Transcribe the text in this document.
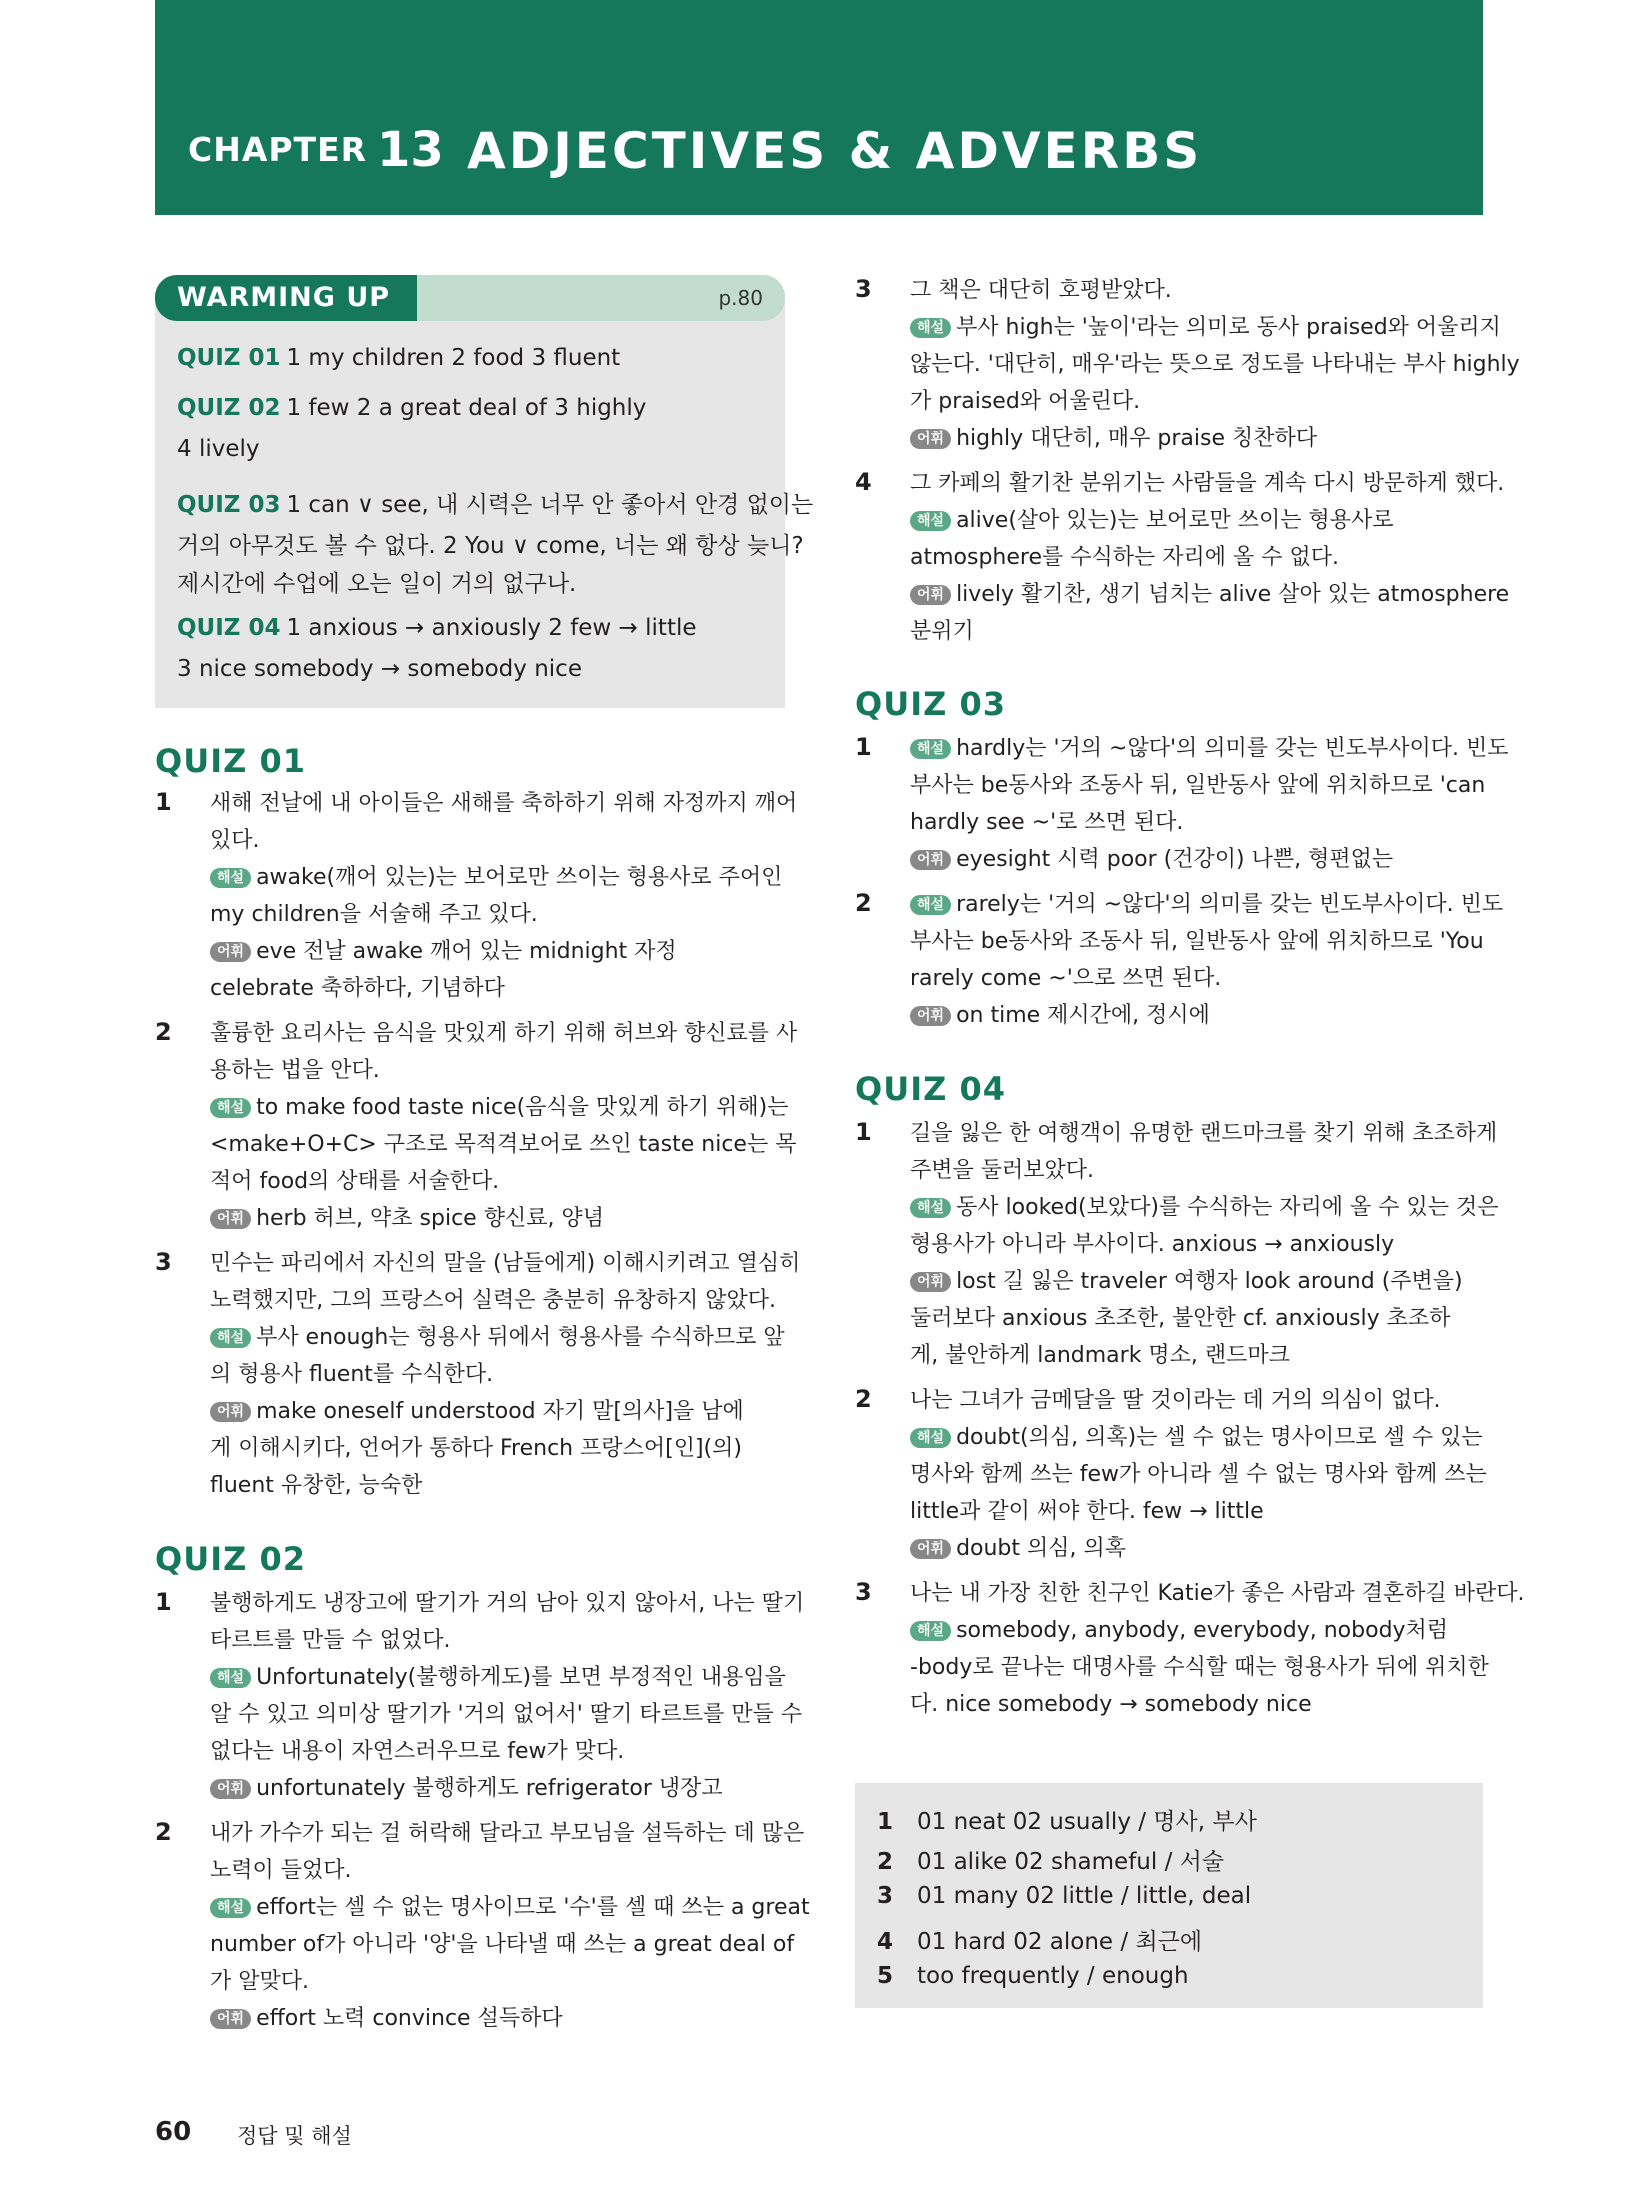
CHAPTER 13 ADJECTIVES & ADVERBS
WARMING UP	p.80
QUIZ 01 1 my children 2 food 3 fluent
QUIZ 02 1 few 2 a great deal of 3 highly
4 lively
QUIZ 03 1 can ∨ see, 내 시력은 너무 안 좋아서 안경 없이는
거의 아무것도 볼 수 없다. 2 You ∨ come, 너는 왜 항상 늦니?
제시간에 수업에 오는 일이 거의 없구나.
QUIZ 04 1 anxious → anxiously 2 few → little
3 nice somebody → somebody nice
QUIZ 01
1 새해 전날에 내 아이들은 새해를 축하하기 위해 자정까지 깨어
있다.
해설 awake(깨어 있는)는 보어로만 쓰이는 형용사로 주어인
my children을 서술해 주고 있다.
어휘 eve 전날 awake 깨어 있는 midnight 자정
celebrate 축하하다, 기념하다
2 훌륭한 요리사는 음식을 맛있게 하기 위해 허브와 향신료를 사
용하는 법을 안다.
해설 to make food taste nice(음식을 맛있게 하기 위해)는
<make+O+C> 구조로 목적격보어로 쓰인 taste nice는 목
적어 food의 상태를 서술한다.
어휘 herb 허브, 약초 spice 향신료, 양념
3 민수는 파리에서 자신의 말을 (남들에게) 이해시키려고 열심히
노력했지만, 그의 프랑스어 실력은 충분히 유창하지 않았다.
해설 부사 enough는 형용사 뒤에서 형용사를 수식하므로 앞
의 형용사 fluent를 수식한다.
어휘 make oneself understood 자기 말[의사]을 남에
게 이해시키다, 언어가 통하다 French 프랑스어[인](의)
fluent 유창한, 능숙한
QUIZ 02
1 불행하게도 냉장고에 딸기가 거의 남아 있지 않아서, 나는 딸기
타르트를 만들 수 없었다.
해설 Unfortunately(불행하게도)를 보면 부정적인 내용임을
알 수 있고 의미상 딸기가 '거의 없어서' 딸기 타르트를 만들 수
없다는 내용이 자연스러우므로 few가 맞다.
어휘 unfortunately 불행하게도 refrigerator 냉장고
2 내가 가수가 되는 걸 허락해 달라고 부모님을 설득하는 데 많은
노력이 들었다.
해설 effort는 셀 수 없는 명사이므로 '수'를 셀 때 쓰는 a great
number of가 아니라 '양'을 나타낼 때 쓰는 a great deal of
가 알맞다.
어휘 effort 노력 convince 설득하다
3 그 책은 대단히 호평받았다.
해설 부사 high는 '높이'라는 의미로 동사 praised와 어울리지
않는다. '대단히, 매우'라는 뜻으로 정도를 나타내는 부사 highly
가 praised와 어울린다.
어휘 highly 대단히, 매우 praise 칭찬하다
4 그 카페의 활기찬 분위기는 사람들을 계속 다시 방문하게 했다.
해설 alive(살아 있는)는 보어로만 쓰이는 형용사로
atmosphere를 수식하는 자리에 올 수 없다.
어휘 lively 활기찬, 생기 넘치는 alive 살아 있는 atmosphere
분위기
QUIZ 03
1	해설 hardly는 '거의 ~않다'의 의미를 갖는 빈도부사이다. 빈도
부사는 be동사와 조동사 뒤, 일반동사 앞에 위치하므로 'can
hardly see ~'로 쓰면 된다.
어휘 eyesight 시력 poor (건강이) 나쁜, 형편없는
2	해설 rarely는 '거의 ~않다'의 의미를 갖는 빈도부사이다. 빈도
부사는 be동사와 조동사 뒤, 일반동사 앞에 위치하므로 'You
rarely come ~'으로 쓰면 된다.
어휘 on time 제시간에, 정시에
QUIZ 04
1 길을 잃은 한 여행객이 유명한 랜드마크를 찾기 위해 초조하게
주변을 둘러보았다.
해설 동사 looked(보았다)를 수식하는 자리에 올 수 있는 것은
형용사가 아니라 부사이다. anxious → anxiously
어휘 lost 길 잃은 traveler 여행자 look around (주변을)
둘러보다 anxious 초조한, 불안한 cf. anxiously 초조하
게, 불안하게 landmark 명소, 랜드마크
2 나는 그녀가 금메달을 딸 것이라는 데 거의 의심이 없다.
해설 doubt(의심, 의혹)는 셀 수 없는 명사이므로 셀 수 있는
명사와 함께 쓰는 few가 아니라 셀 수 없는 명사와 함께 쓰는
little과 같이 써야 한다. few → little
어휘 doubt 의심, 의혹
3 나는 내 가장 친한 친구인 Katie가 좋은 사람과 결혼하길 바란다.
해설 somebody, anybody, everybody, nobody처럼
-body로 끝나는 대명사를 수식할 때는 형용사가 뒤에 위치한
다. nice somebody → somebody nice
1 01 neat 02 usually / 명사, 부사
2 01 alike 02 shameful / 서술
3 01 many 02 little / little, deal
4 01 hard 02 alone / 최근에
5 too frequently / enough
60 정답 및 해설
